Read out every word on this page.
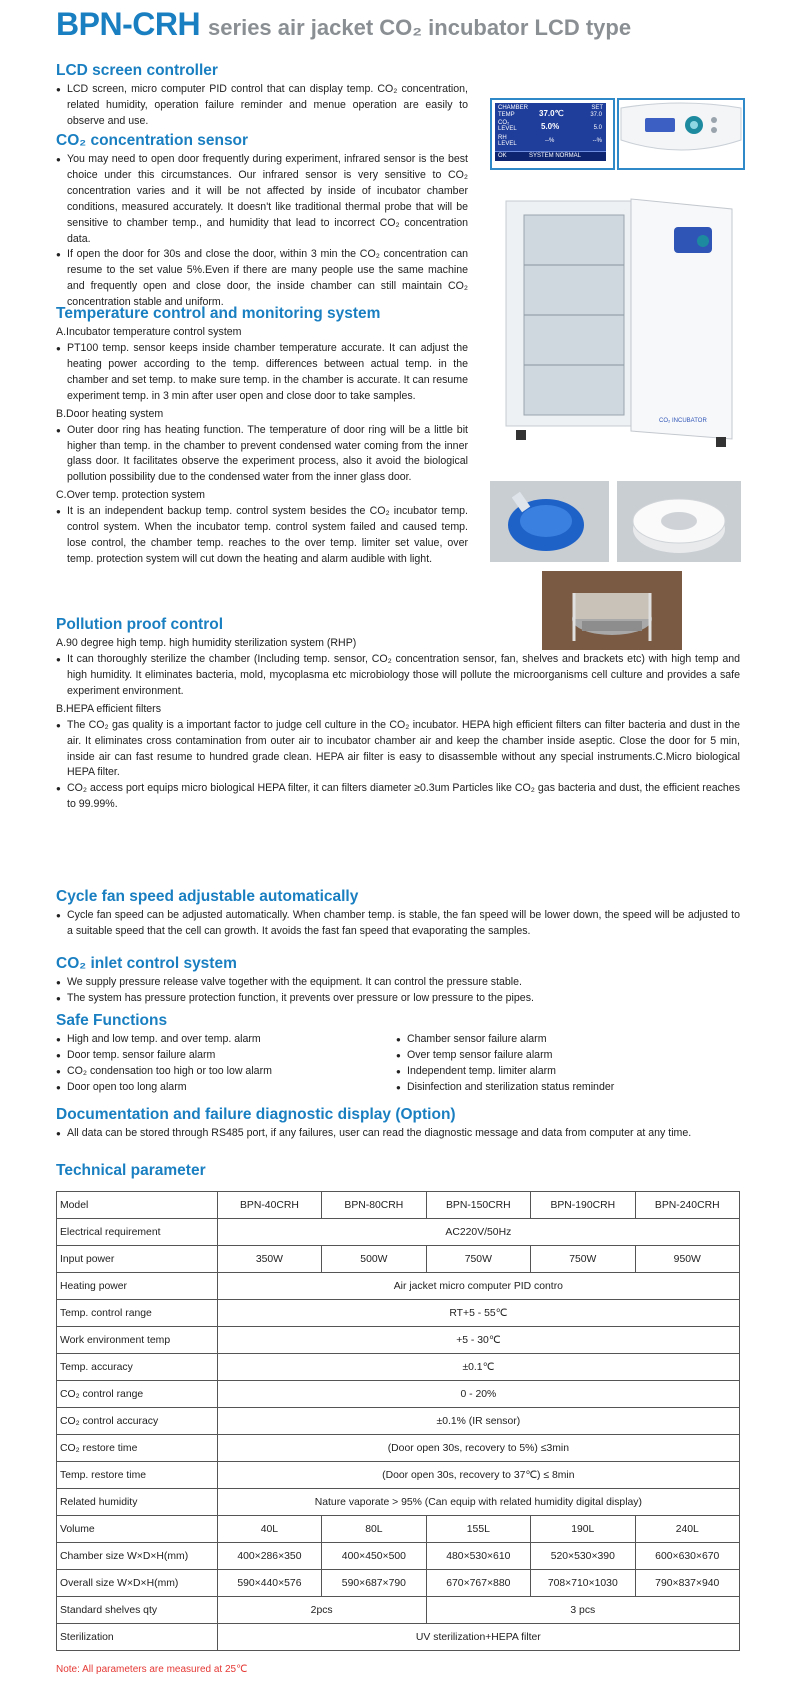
BPN-CRH series air jacket CO₂ incubator LCD type
LCD screen controller
● LCD screen, micro computer PID control that can display temp. CO₂ concentration, related humidity, operation failure reminder and menue operation are easily to observe and use.
CO₂ concentration sensor
● You may need to open door frequently during experiment, infrared sensor is the best choice under this circumstances. Our infrared sensor is very sensitive to CO₂ concentration varies and it will be not affected by inside of incubator chamber conditions, measured accurately. It doesn't like traditional thermal probe that will be sensitive to chamber temp., and humidity that lead to incorrect CO₂ concentration data.
● If open the door for 30s and close the door, within 3 min the CO₂ concentration can resume to the set value 5%.Even if there are many people use the same machine and frequently open and close door, the inside chamber can still maintain CO₂ concentration stable and uniform.
Temperature control and monitoring system
A.Incubator temperature control system
● PT100 temp. sensor keeps inside chamber temperature accurate. It can adjust the heating power according to the temp. differences between actual temp. in the chamber and set temp. to make sure temp. in the chamber is accurate. It can resume experiment temp. in 3 min after user open and close door to take samples.
B.Door heating system
● Outer door ring has heating function. The temperature of door ring will be a little bit higher than temp. in the chamber to prevent condensed water coming from the inner glass door. It facilitates observe the experiment process, also it avoid the biological pollution possibility due to the condensed water from the inner glass door.
C.Over temp. protection system
● It is an independent backup temp. control system besides the CO₂ incubator temp. control system. When the incubator temp. control system failed and caused temp. lose control, the chamber temp. reaches to the over temp. limiter set value, over temp. protection system will cut down the heating and alarm audible with light.
Pollution proof control
A.90 degree high temp. high humidity sterilization system (RHP)
● It can thoroughly sterilize the chamber (Including temp. sensor, CO₂ concentration sensor, fan, shelves and brackets etc) with high temp and high humidity. It eliminates bacteria, mold, mycoplasma etc microbiology those will pollute the microorganisms cell culture and provides a safe experiment environment.
B.HEPA efficient filters
● The CO₂ gas quality is a important factor to judge cell culture in the CO₂ incubator. HEPA high efficient filters can filter bacteria and dust in the air. It eliminates cross contamination from outer air to incubator chamber air and keep the chamber inside aseptic. Close the door for 5 min, inside air can fast resume to hundred grade clean. HEPA air filter is easy to disassemble without any special instruments.C.Micro biological HEPA filter.
● CO₂ access port equips micro biological HEPA filter, it can filters diameter ≥0.3um Particles like CO₂ gas bacteria and dust, the efficient reaches to 99.99%.
Cycle fan speed adjustable automatically
● Cycle fan speed can be adjusted automatically. When chamber temp. is stable, the fan speed will be lower down, the speed will be adjusted to a suitable speed that the cell can growth. It avoids the fast fan speed that evaporating the samples.
CO₂ inlet control system
● We supply pressure release valve together with the equipment. It can control the pressure stable.
● The system has pressure protection function, it prevents over pressure or low pressure to the pipes.
Safe Functions
● High and low temp. and over temp. alarm	● Chamber sensor failure alarm
● Door temp. sensor failure alarm	● Over temp sensor failure alarm
● CO₂ condensation too high or too low alarm	● Independent temp. limiter alarm
● Door open too long alarm	● Disinfection and sterilization status reminder
Documentation and failure diagnostic display (Option)
● All data can be stored through RS485 port, if any failures, user can read the diagnostic message and data from computer at any time.
Technical parameter
Model	BPN-40CRH	BPN-80CRH	BPN-150CRH	BPN-190CRH	BPN-240CRH
Electrical requirement	AC220V/50Hz				
Input power	350W	500W	750W	750W	950W
Heating power	Air jacket micro computer PID contro				
Temp. control range	RT+5 - 55℃				
Work environment temp	+5 - 30℃				
Temp. accuracy	±0.1℃				
CO₂ control range	0 - 20%				
CO₂ control accuracy	±0.1% (IR sensor)				
CO₂ restore time	(Door open 30s, recovery to 5%) ≤3min				
Temp. restore time	(Door open 30s, recovery to 37℃) ≤ 8min				
Related humidity	Nature vaporate > 95% (Can equip with related humidity digital display)				
Volume	40L	80L	155L	190L	240L
Chamber size W×D×H(mm)	400×286×350	400×450×500	480×530×610	520×530×390	600×630×670
Overall size W×D×H(mm)	590×440×576	590×687×790	670×767×880	708×710×1030	790×837×940
Standard shelves qty	2pcs		3 pcs		
Sterilization	UV sterilization+HEPA filter				
Note: All parameters are measured at 25℃
CHAMBER	SET
TEMP	37.0℃	37.0
CO₂
LEVEL	5.0%	5.0
RH
LEVEL	--%	--%
OK	SYSTEM NORMAL
CO₂ INCUBATOR
